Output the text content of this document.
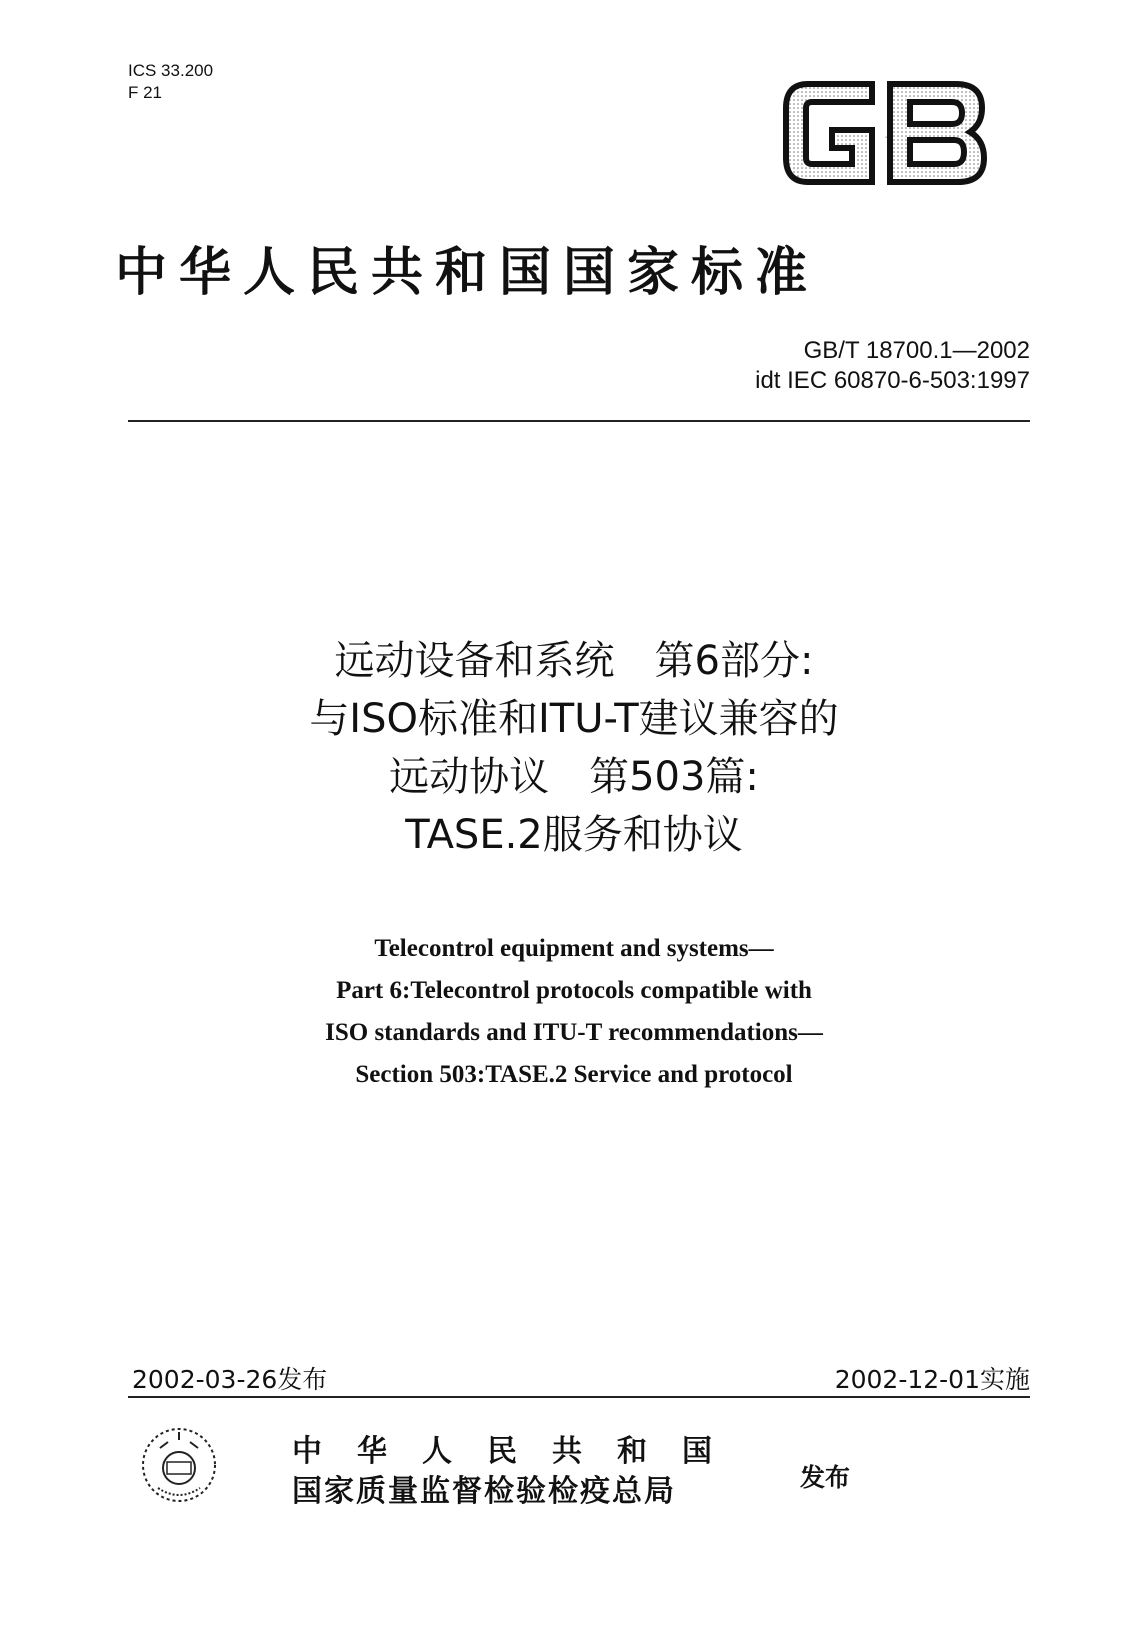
ICS 33.200
F 21
GB
中华人民共和国国家标准
GB/T 18700.1—2002
idt IEC 60870-6-503:1997
远动设备和系统　第6部分:
与ISO标准和ITU-T建议兼容的
远动协议　第503篇:
TASE.2服务和协议
Telecontrol equipment and systems—
Part 6:Telecontrol protocols compatible with
ISO standards and ITU-T recommendations—
Section 503:TASE.2 Service and protocol
2002-03-26发布	2002-12-01实施
中华人民共和国
国家质量监督检验检疫总局	发布
